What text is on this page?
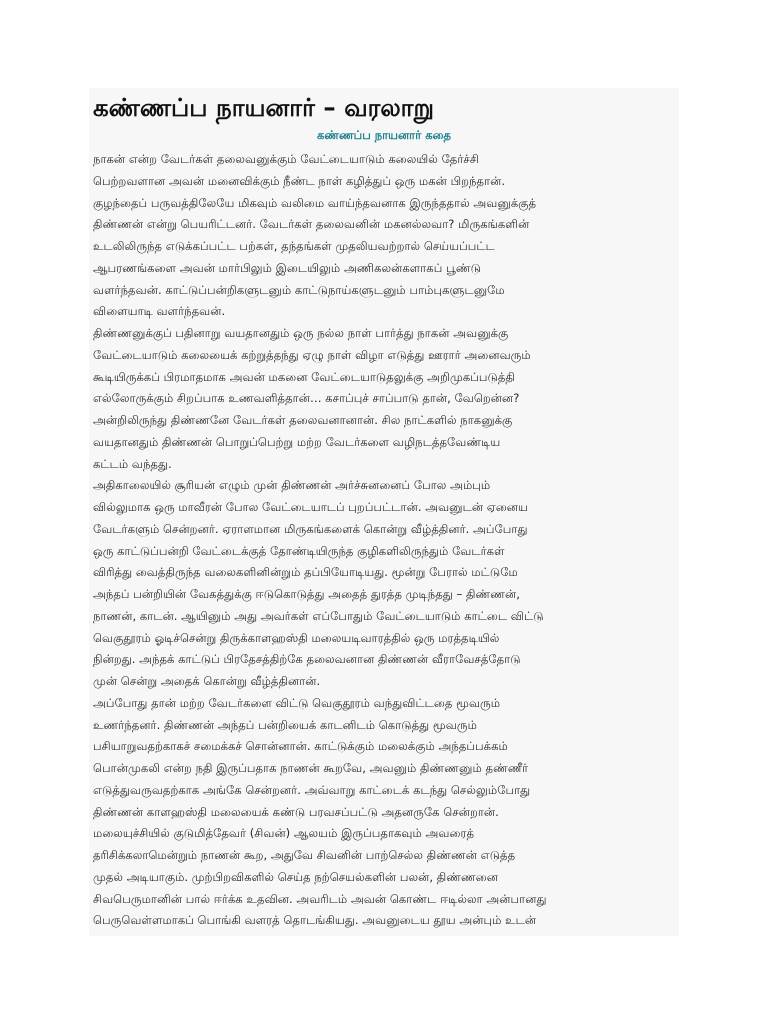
கண்ணப்ப நாயனார் – வரலாறு
கண்ணப்ப நாயனார் கதை
நாகன் என்ற வேடர்கள் தலைவனுக்கும் வேட்டையாடும் கலையில் தேர்ச்சி
பெற்றவளான அவன் மனைவிக்கும் நீண்ட நாள் கழித்துப் ஒரு மகன் பிறந்தான்.
குழந்தைப் பருவத்திலேயே மிகவும் வலிமை வாய்ந்தவனாக இருந்ததால் அவனுக்குத்
திண்ணன் என்று பெயரிட்டனர். வேடர்கள் தலைவனின் மகனல்லவா? மிருகங்களின்
உடலிலிருந்த எடுக்கப்பட்ட பற்கள், தந்தங்கள் முதலியவற்றால் செய்யப்பட்ட
ஆபரணங்களை அவன் மார்பிலும் இடையிலும் அணிகலன்களாகப் பூண்டு
வளர்ந்தவன். காட்டுப்பன்றிகளுடனும் காட்டுநாய்களுடனும் பாம்புகளுடனுமே
விளையாடி வளர்ந்தவன்.
திண்ணனுக்குப் பதினாறு வயதானதும் ஒரு நல்ல நாள் பார்த்து நாகன் அவனுக்கு
வேட்டையாடும் கலையைக் கற்றுத்தந்து ஏழு நாள் விழா எடுத்து ஊரார் அனைவரும்
கூடியிருக்கப் பிரமாதமாக அவன் மகனை வேட்டையாடுதலுக்கு அறிமுகப்படுத்தி
எல்லோருக்கும் சிறப்பாக உணவளித்தான்… கசாப்புச் சாப்பாடு தான், வேறென்ன?
அன்றிலிருந்து திண்ணனே வேடர்கள் தலைவனானான். சில நாட்களில் நாகனுக்கு
வயதானதும் திண்ணன் பொறுப்பெற்று மற்ற வேடர்களை வழிநடத்தவேண்டிய
கட்டம் வந்தது.
அதிகாலையில் சூரியன் எழும் முன் திண்ணன் அர்ச்சுனனைப் போல அம்பும்
வில்லுமாக ஒரு மாவீரன் போல வேட்டையாடப் புறப்பட்டான். அவனுடன் ஏனைய
வேடர்களும் சென்றனர். ஏராளமான மிருகங்களைக் கொன்று வீழ்த்தினர். அப்போது
ஒரு காட்டுப்பன்றி வேட்டைக்குத் தோண்டியிருந்த குழிகளிலிருந்தும் வேடர்கள்
விரித்து வைத்திருந்த வலைகளினின்றும் தப்பியோடியது. மூன்று பேரால் மட்டுமே
அந்தப் பன்றியின் வேகத்துக்கு ஈடுகொடுத்து அதைத் துரத்த முடிந்தது – திண்ணன்,
நாணன், காடன். ஆயினும் அது அவர்கள் எப்போதும் வேட்டையாடும் காட்டை விட்டு
வெகுதூரம் ஓடிச்சென்று திருக்காளஹஸ்தி மலையடிவாரத்தில் ஒரு மரத்தடியில்
நின்றது. அந்தக் காட்டுப் பிரதேசத்திற்கே தலைவனான திண்ணன் வீராவேசத்தோடு
முன் சென்று அதைக் கொன்று வீழ்த்தினான்.
அப்போது தான் மற்ற வேடர்களை விட்டு வெகுதூரம் வந்துவிட்டதை மூவரும்
உணர்ந்தனர். திண்ணன் அந்தப் பன்றியைக் காடனிடம் கொடுத்து மூவரும்
பசியாறுவதற்காகச் சமைக்கச் சொன்னான். காட்டுக்கும் மலைக்கும் அந்தப்பக்கம்
பொன்முகலி என்ற நதி இருப்பதாக நாணன் கூறவே, அவனும் திண்ணனும் தண்ணீர்
எடுத்துவருவதற்காக அங்கே சென்றனர். அவ்வாறு காட்டைக் கடந்து செல்லும்போது
திண்ணன் காளஹஸ்தி மலையைக் கண்டு பரவசப்பட்டு அதனருகே சென்றான்.
மலையுச்சியில் குடுமித்தேவர் (சிவன்) ஆலயம் இருப்பதாகவும் அவரைத்
தரிசிக்கலாமென்றும் நாணன் கூற, அதுவே சிவனின் பாற்செல்ல திண்ணன் எடுத்த
முதல் அடியாகும். முற்பிறவிகளில் செய்த நற்செயல்களின் பலன், திண்ணனை
சிவபெருமானின் பால் ஈர்க்க உதவின. அவரிடம் அவன் கொண்ட ஈடில்லா அன்பானது
பெருவெள்ளமாகப் பொங்கி வளரத் தொடங்கியது. அவனுடைய தூய அன்பும் உடன்
